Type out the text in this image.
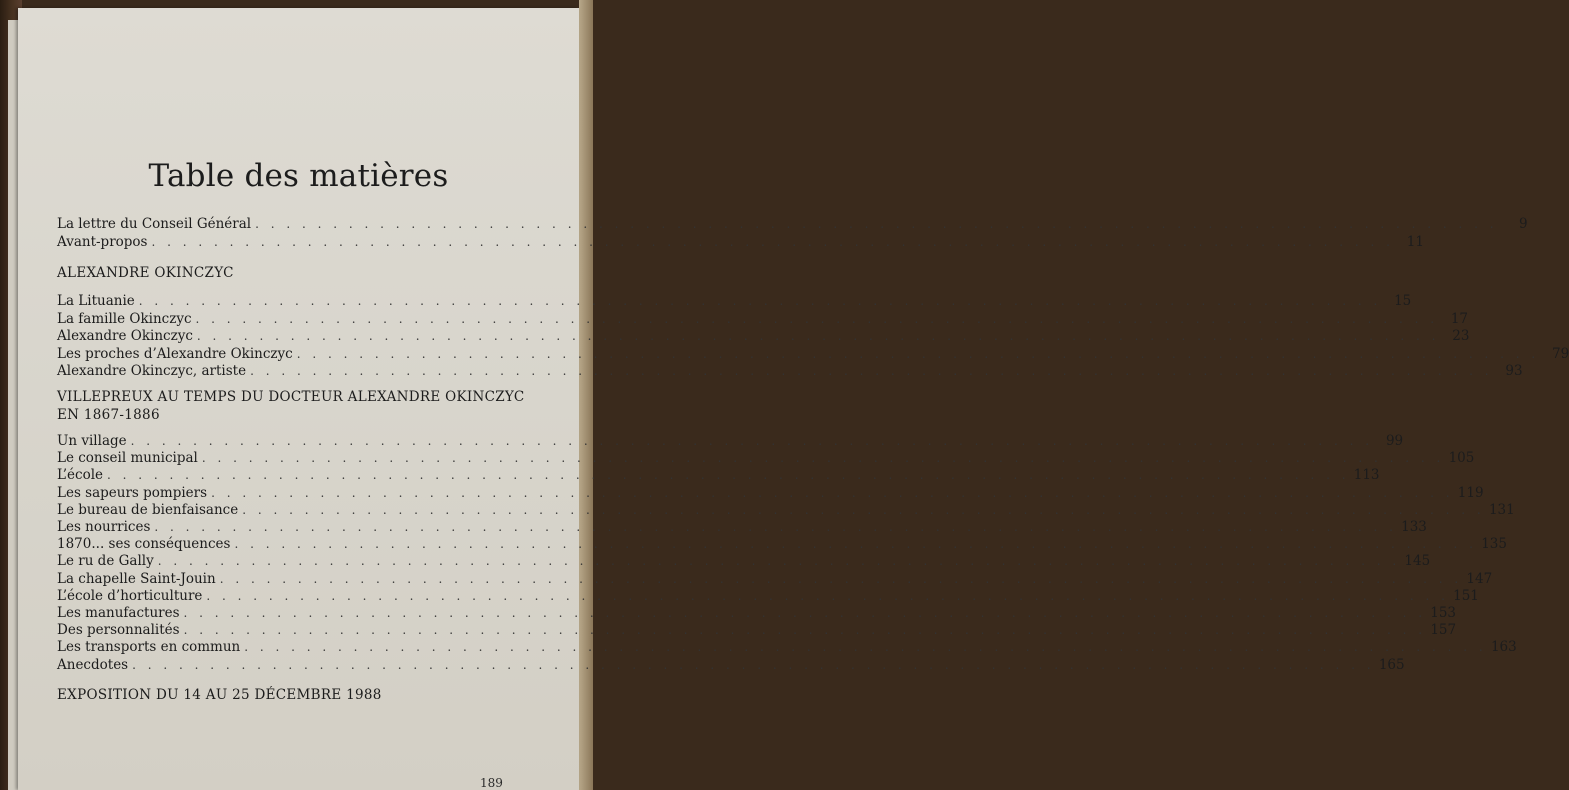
Table des matières
La lettre du Conseil Général . . . . . . . . . . . . . . . . . . . . . . . . . . . . . . . . . . . . . . . . . . . . . . . . . . . . . . . . . . . . . . . . . . . . . . . . . . . . . . . .	9
Avant-propos . . . . . . . . . . . . . . . . . . . . . . . . . . . . . . . . . . . . . . . . . . . . . . . . . . . . . . . . . . . . . . . . . . . . . . . . . . . . . . . . 11
ALEXANDRE OKINCZYC
La Lituanie . . . . . . . . . . . . . . . . . . . . . . . . . . . . . . . . . . . . . . . . . . . . . . . . . . . . . . . . . . . . . . . . . . . . . . . . . . . . . . . . 15
La famille Okinczyc . . . . . . . . . . . . . . . . . . . . . . . . . . . . . . . . . . . . . . . . . . . . . . . . . . . . . . . . . . . . . . . . . . . . . . . . . . . . . . . . 17
Alexandre Okinczyc . . . . . . . . . . . . . . . . . . . . . . . . . . . . . . . . . . . . . . . . . . . . . . . . . . . . . . . . . . . . . . . . . . . . . . . . . . . . . . . . 23
Les proches d’Alexandre Okinczyc . . . . . . . . . . . . . . . . . . . . . . . . . . . . . . . . . . . . . . . . . . . . . . . . . . . . . . . . . . . . . . . . . . . . . . . . . . . . . . . . 79
Alexandre Okinczyc, artiste . . . . . . . . . . . . . . . . . . . . . . . . . . . . . . . . . . . . . . . . . . . . . . . . . . . . . . . . . . . . . . . . . . . . . . . . . . . . . . . . 93
VILLEPREUX AU TEMPS DU DOCTEUR ALEXANDRE OKINCZYC
EN 1867-1886
Un village . . . . . . . . . . . . . . . . . . . . . . . . . . . . . . . . . . . . . . . . . . . . . . . . . . . . . . . . . . . . . . . . . . . . . . . . . . . . . . . . 99
Le conseil municipal . . . . . . . . . . . . . . . . . . . . . . . . . . . . . . . . . . . . . . . . . . . . . . . . . . . . . . . . . . . . . . . . . . . . . . . . . . . . . . . . 105
L’école . . . . . . . . . . . . . . . . . . . . . . . . . . . . . . . . . . . . . . . . . . . . . . . . . . . . . . . . . . . . . . . . . . . . . . . . . . . . . . . . 113
Les sapeurs pompiers . . . . . . . . . . . . . . . . . . . . . . . . . . . . . . . . . . . . . . . . . . . . . . . . . . . . . . . . . . . . . . . . . . . . . . . . . . . . . . . . 119
Le bureau de bienfaisance . . . . . . . . . . . . . . . . . . . . . . . . . . . . . . . . . . . . . . . . . . . . . . . . . . . . . . . . . . . . . . . . . . . . . . . . . . . . . . . . 131
Les nourrices . . . . . . . . . . . . . . . . . . . . . . . . . . . . . . . . . . . . . . . . . . . . . . . . . . . . . . . . . . . . . . . . . . . . . . . . . . . . . . . . 133
1870... ses conséquences . . . . . . . . . . . . . . . . . . . . . . . . . . . . . . . . . . . . . . . . . . . . . . . . . . . . . . . . . . . . . . . . . . . . . . . . . . . . . . . . 135
Le ru de Gally . . . . . . . . . . . . . . . . . . . . . . . . . . . . . . . . . . . . . . . . . . . . . . . . . . . . . . . . . . . . . . . . . . . . . . . . . . . . . . . . 145
La chapelle Saint-Jouin . . . . . . . . . . . . . . . . . . . . . . . . . . . . . . . . . . . . . . . . . . . . . . . . . . . . . . . . . . . . . . . . . . . . . . . . . . . . . . . . 147
L’école d’horticulture . . . . . . . . . . . . . . . . . . . . . . . . . . . . . . . . . . . . . . . . . . . . . . . . . . . . . . . . . . . . . . . . . . . . . . . . . . . . . . . . 151
Les manufactures . . . . . . . . . . . . . . . . . . . . . . . . . . . . . . . . . . . . . . . . . . . . . . . . . . . . . . . . . . . . . . . . . . . . . . . . . . . . . . . . 153
Des personnalités . . . . . . . . . . . . . . . . . . . . . . . . . . . . . . . . . . . . . . . . . . . . . . . . . . . . . . . . . . . . . . . . . . . . . . . . . . . . . . . . 157
Les transports en commun . . . . . . . . . . . . . . . . . . . . . . . . . . . . . . . . . . . . . . . . . . . . . . . . . . . . . . . . . . . . . . . . . . . . . . . . . . . . . . . . 163
Anecdotes . . . . . . . . . . . . . . . . . . . . . . . . . . . . . . . . . . . . . . . . . . . . . . . . . . . . . . . . . . . . . . . . . . . . . . . . . . . . . . . . 165
EXPOSITION DU 14 AU 25 DÉCEMBRE 1988
189
